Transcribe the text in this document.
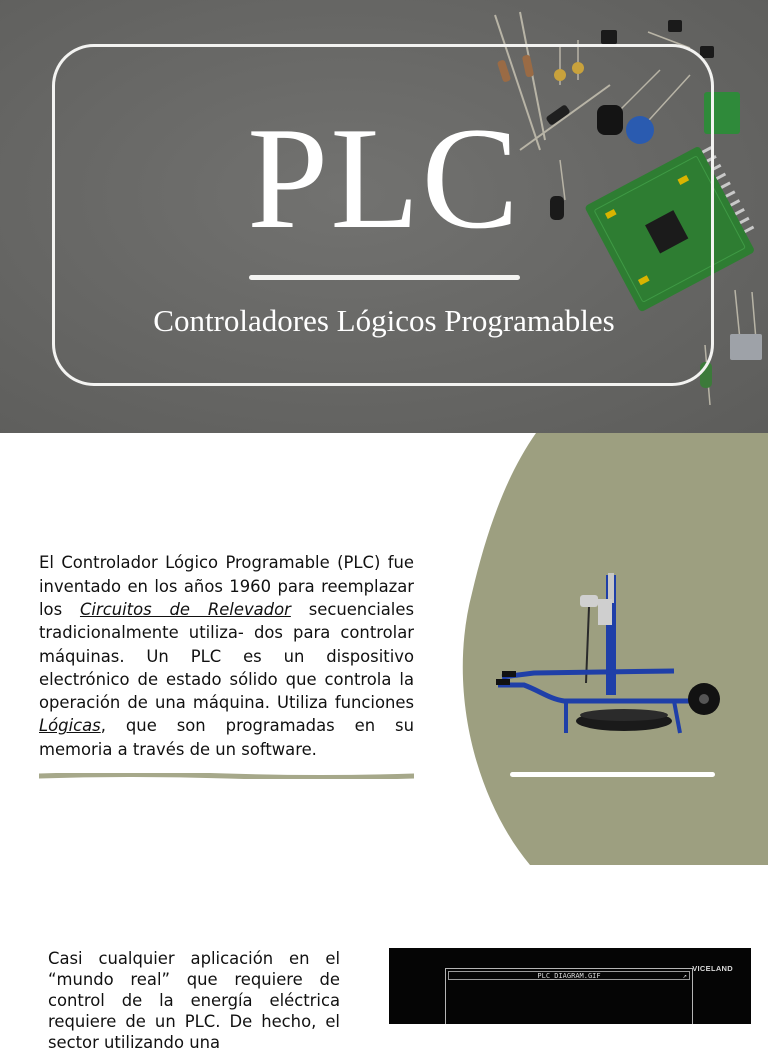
PLC
Controladores Lógicos Programables

El Controlador Lógico Programable (PLC) fue inventado en los años 1960 para reemplazar los Circuitos de Relevador secuenciales tradicionalmente utiliza- dos para controlar máquinas. Un PLC es un dispositivo electrónico de estado sólido que controla la operación de una máquina. Utiliza funciones Lógicas, que son programadas en su memoria a través de un software.

Casi cualquier aplicación en el “mundo real” que requiere de control de la energía eléctrica requiere de un PLC. De hecho, el sector utilizando una

PLC_DIAGRAM.GIF	↗
VICELAND
